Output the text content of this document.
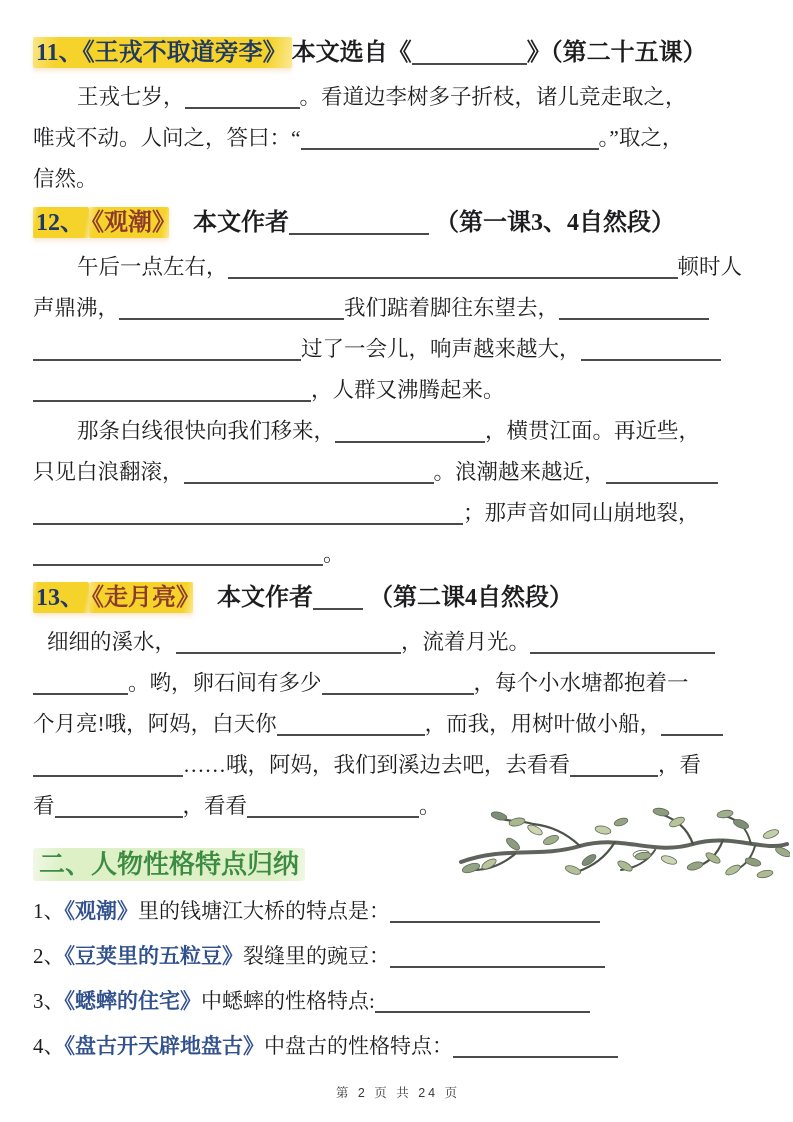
11、《王戎不取道旁李》 本文选自《	》（第二十五课）
王戎七岁，	。看道边李树多子折枝，诸儿竞走取之，
唯戎不动。人问之，答曰：“	。”取之，
信然。
12、 《观潮》　本文作者	（第一课3、4自然段）
午后一点左右，	顿时人
声鼎沸，	我们踮着脚往东望去，
过了一会儿，响声越来越大，
，人群又沸腾起来。
那条白线很快向我们移来，	，横贯江面。再近些，
只见白浪翻滚，	。浪潮越来越近，
；那声音如同山崩地裂，
。
13、 《走月亮》　本文作者 （第二课4自然段）
细细的溪水，	，流着月光。
。哟，卵石间有多少	，每个小水塘都抱着一
个月亮!哦，阿妈，白天你	，而我，用树叶做小船，
……哦，阿妈，我们到溪边去吧，去看看	，看
看	，看看	。
二、人物性格特点归纳
1、《观潮》里的钱塘江大桥的特点是：
2、《豆荚里的五粒豆》裂缝里的豌豆：
3、《蟋蟀的住宅》中蟋蟀的性格特点:
4、《盘古开天辟地盘古》中盘古的性格特点：
第 2 页 共 24 页
